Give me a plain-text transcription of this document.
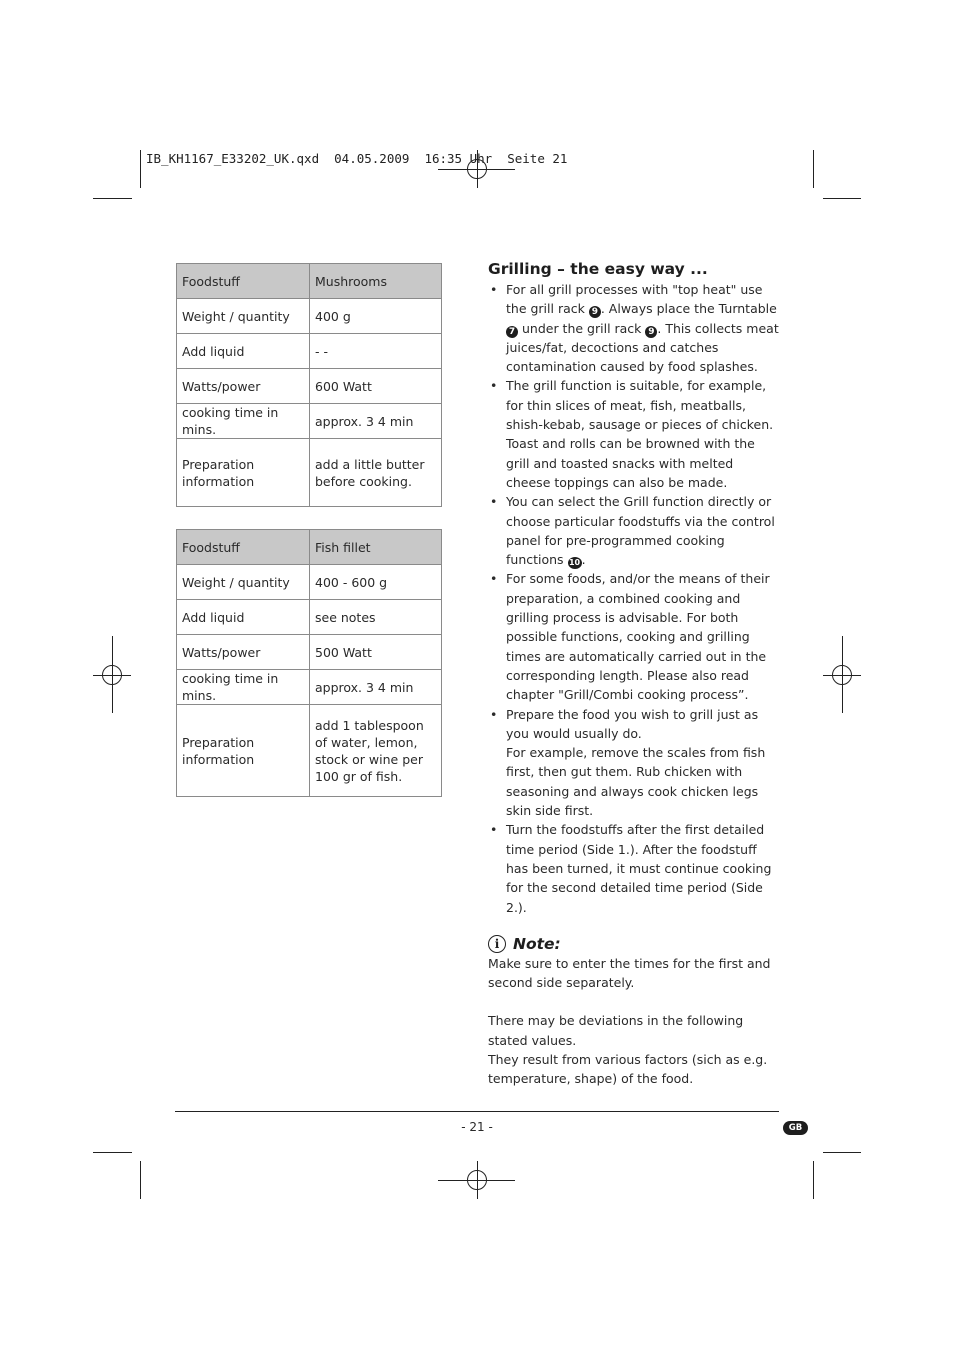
IB_KH1167_E33202_UK.qxd  04.05.2009  16:35 Uhr  Seite 21
Foodstuff	Mushrooms
Weight / quantity	400 g
Add liquid	- -
Watts/power	600 Watt
cooking time in mins.	approx. 3 4 min
Preparation information	add a little butter before cooking.
Foodstuff	Fish fillet
Weight / quantity	400 - 600 g
Add liquid	see notes
Watts/power	500 Watt
cooking time in mins.	approx. 3 4 min
Preparation information	add 1 tablespoon of water, lemon, stock or wine per 100 gr of fish.
Grilling – the easy way ...
• For all grill processes with "top heat" use the grill rack 9 . Always place the Turntable 7 under the grill rack 9 . This collects meat juices/fat, decoctions and catches contamination caused by food splashes.
• The grill function is suitable, for example, for thin slices of meat, fish, meatballs, shish-kebab, sausage or pieces of chicken. Toast and rolls can be browned with the grill and toasted snacks with melted cheese toppings can also be made.
• You can select the Grill function directly or choose particular foodstuffs via the control panel for pre-programmed cooking functions 10.
• For some foods, and/or the means of their preparation, a combined cooking and grilling process is advisable. For both possible functions, cooking and grilling times are automatically carried out in the corresponding length. Please also read chapter "Grill/Combi cooking process”.
• Prepare the food you wish to grill just as you would usually do.
For example, remove the scales from fish first, then gut them. Rub chicken with seasoning and always cook chicken legs skin side first.
• Turn the foodstuffs after the first detailed time period (Side 1.). After the foodstuff has been turned, it must continue cooking for the second detailed time period (Side 2.).
i Note:
Make sure to enter the times for the first and second side separately.
There may be deviations in the following stated values.
They result from various factors (sich as e.g. temperature, shape) of the food.
- 21 -	GB
